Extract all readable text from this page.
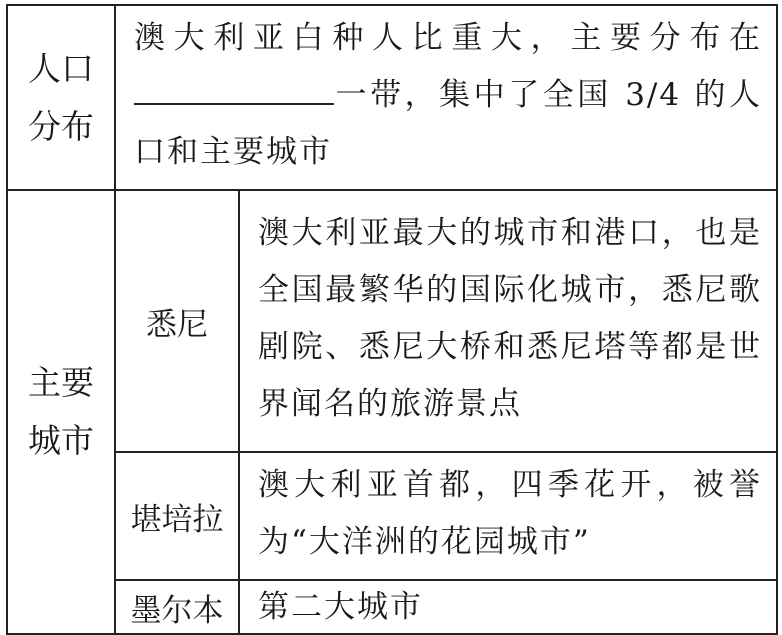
人口
分布	澳大利亚白种人比重大，主要分布在一带，集中了全国 3/4 的人口和主要城市	

主要
城市	悉尼	澳大利亚最大的城市和港口，也是全国最繁华的国际化城市，悉尼歌剧院、悉尼大桥和悉尼塔等都是世界闻名的旅游景点
	堪培拉	澳大利亚首都，四季花开，被誉为“大洋洲的花园城市”
	墨尔本	第二大城市
